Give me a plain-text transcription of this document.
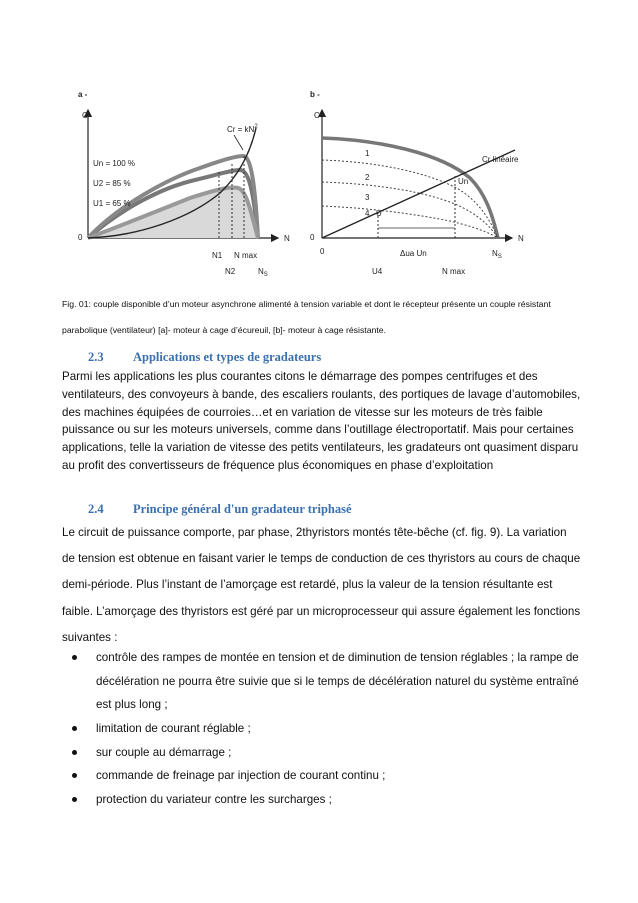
a -
C
0	N
Un = 100 %
U2 = 85 %
U1 = 65 %
$Cr = kN^2$
N1
N2
N max
$N_S$
b -
C
0
0
N
1
2
3
4 U
Un
Cr linéaire
Δua Un
U4	N max
$N_S$
Fig. 01: couple disponible d’un moteur asynchrone alimenté à tension variable et dont le récepteur présente un couple résistant parabolique (ventilateur) [a]- moteur à cage d’écureuil, [b]- moteur à cage résistante.
2.3 Applications et types de gradateurs
Parmi les applications les plus courantes citons le démarrage des pompes centrifuges et des ventilateurs, des convoyeurs à bande, des escaliers roulants, des portiques de lavage d’automobiles, des machines équipées de courroies…et en variation de vitesse sur les moteurs de très faible puissance ou sur les moteurs universels, comme dans l’outillage électroportatif. Mais pour certaines applications, telle la variation de vitesse des petits ventilateurs, les gradateurs ont quasiment disparu au profit des convertisseurs de fréquence plus économiques en phase d’exploitation
2.4 Principe général d'un gradateur triphasé
Le circuit de puissance comporte, par phase, 2thyristors montés tête-bêche (cf. fig. 9). La variation de tension est obtenue en faisant varier le temps de conduction de ces thyristors au cours de chaque demi-période. Plus l’instant de l’amorçage est retardé, plus la valeur de la tension résultante est faible. L’amorçage des thyristors est géré par un microprocesseur qui assure également les fonctions suivantes :
contrôle des rampes de montée en tension et de diminution de tension réglables ; la rampe de décélération ne pourra être suivie que si le temps de décélération naturel du système entraîné est plus long ;
limitation de courant réglable ;
sur couple au démarrage ;
commande de freinage par injection de courant continu ;
protection du variateur contre les surcharges ;
